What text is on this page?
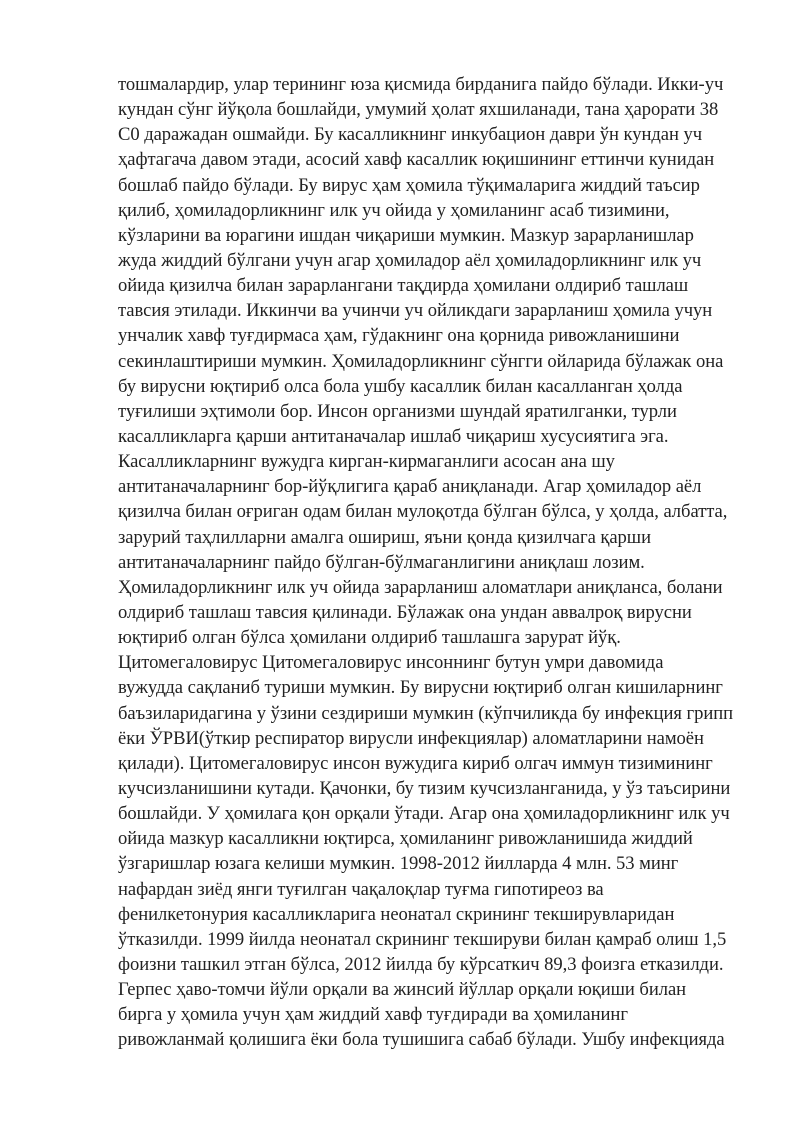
тошмалардир, улар терининг юза қисмида бирданига пайдо бўлади. Икки-уч
кундан сўнг йўқола бошлайди, умумий ҳолат яхшиланади, тана ҳарорати 38
C0 даражадан ошмайди. Бу касалликнинг инкубацион даври ўн кундан уч
ҳафтагача давом этади, асосий хавф касаллик юқишининг еттинчи кунидан
бошлаб пайдо бўлади. Бу вирус ҳам ҳомила тўқималарига жиддий таъсир
қилиб, ҳомиладорликнинг илк уч ойида у ҳомиланинг асаб тизимини,
кўзларини ва юрагини ишдан чиқариши мумкин. Мазкур зарарланишлар
жуда жиддий бўлгани учун агар ҳомиладор аёл ҳомиладорликнинг илк уч
ойида қизилча билан зарарлангани тақдирда ҳомилани олдириб ташлаш
тавсия этилади. Иккинчи ва учинчи уч ойликдаги зарарланиш ҳомила учун
унчалик хавф туғдирмаса ҳам, гўдакнинг она қорнида ривожланишини
секинлаштириши мумкин. Ҳомиладорликнинг сўнгги ойларида бўлажак она
бу вирусни юқтириб олса бола ушбу касаллик билан касалланган ҳолда
туғилиши эҳтимоли бор. Инсон организми шундай яратилганки, турли
касалликларга қарши антитаначалар ишлаб чиқариш хусусиятига эга.
Касалликларнинг вужудга кирган-кирмаганлиги асосан ана шу
антитаначаларнинг бор-йўқлигига қараб аниқланади. Агар ҳомиладор аёл
қизилча билан оғриган одам билан мулоқотда бўлган бўлса, у ҳолда, албатта,
зарурий таҳлилларни амалга ошириш, яъни қонда қизилчага қарши
антитаначаларнинг пайдо бўлган-бўлмаганлигини аниқлаш лозим.
Ҳомиладорликнинг илк уч ойида зарарланиш аломатлари аниқланса, болани
олдириб ташлаш тавсия қилинади. Бўлажак она ундан аввалроқ вирусни
юқтириб олган бўлса ҳомилани олдириб ташлашга зарурат йўқ.
Цитомегаловирус Цитомегаловирус инсоннинг бутун умри давомида
вужудда сақланиб туриши мумкин. Бу вирусни юқтириб олган кишиларнинг
баъзиларидагина у ўзини сездириши мумкин (кўпчиликда бу инфекция грипп
ёки ЎРВИ(ўткир респиратор вирусли инфекциялар) аломатларини намоён
қилади). Цитомегаловирус инсон вужудига кириб олгач иммун тизимининг
кучсизланишини кутади. Қачонки, бу тизим кучсизланганида, у ўз таъсирини
бошлайди. У ҳомилага қон орқали ўтади. Агар она ҳомиладорликнинг илк уч
ойида мазкур касалликни юқтирса, ҳомиланинг ривожланишида жиддий
ўзгаришлар юзага келиши мумкин. 1998-2012 йилларда 4 млн. 53 минг
нафардан зиёд янги туғилган чақалоқлар туғма гипотиреоз ва
фенилкетонурия касалликларига неонатал скрининг текширувларидан
ўтказилди. 1999 йилда неонатал скрининг текшируви билан қамраб олиш 1,5
фоизни ташкил этган бўлса, 2012 йилда бу кўрсаткич 89,3 фоизга етказилди.
Герпес ҳаво-томчи йўли орқали ва жинсий йўллар орқали юқиши билан
бирга у ҳомила учун ҳам жиддий хавф туғдиради ва ҳомиланинг
ривожланмай қолишига ёки бола тушишига сабаб бўлади. Ушбу инфекцияда
